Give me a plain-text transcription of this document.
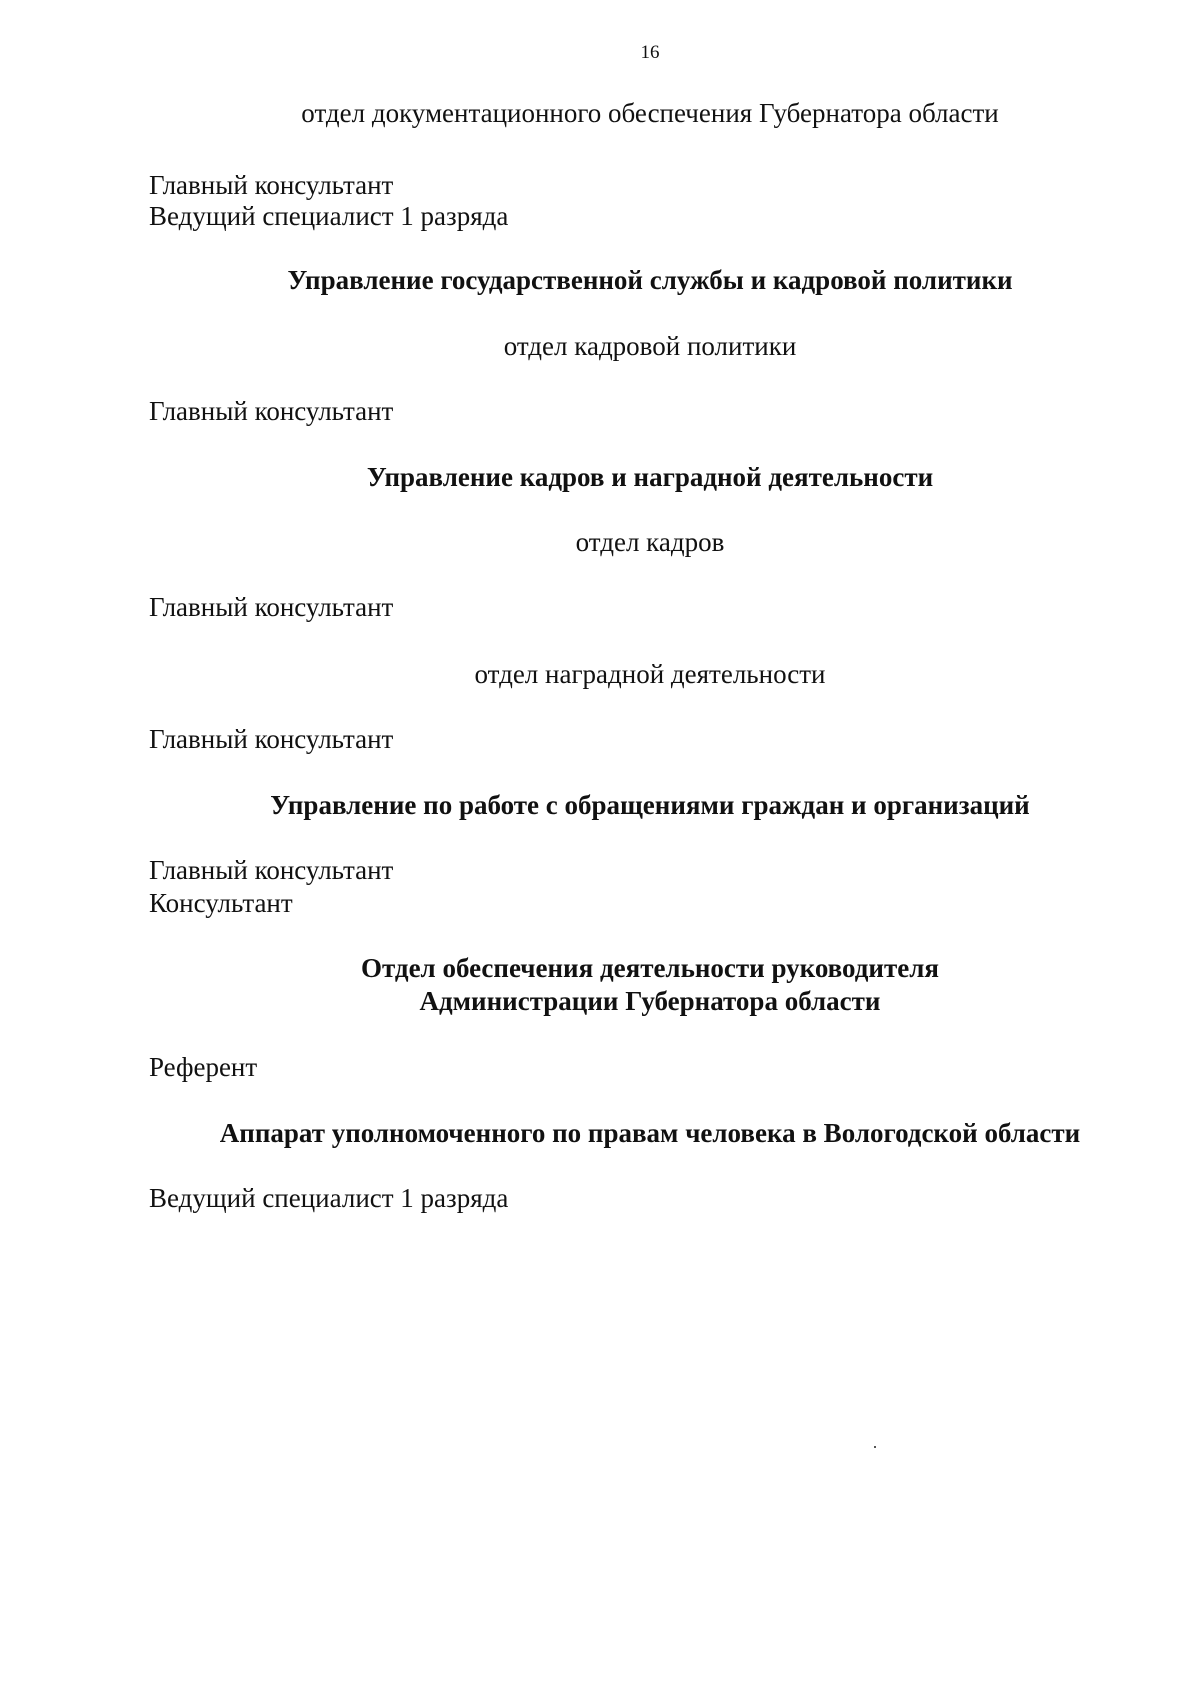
16
отдел документационного обеспечения Губернатора области
Главный консультант
Ведущий специалист 1 разряда
Управление государственной службы и кадровой политики
отдел кадровой политики
Главный консультант
Управление кадров и наградной деятельности
отдел кадров
Главный консультант
отдел наградной деятельности
Главный консультант
Управление по работе с обращениями граждан и организаций
Главный консультант
Консультант
Отдел обеспечения деятельности руководителя
Администрации Губернатора области
Референт
Аппарат уполномоченного по правам человека в Вологодской области
Ведущий специалист 1 разряда
